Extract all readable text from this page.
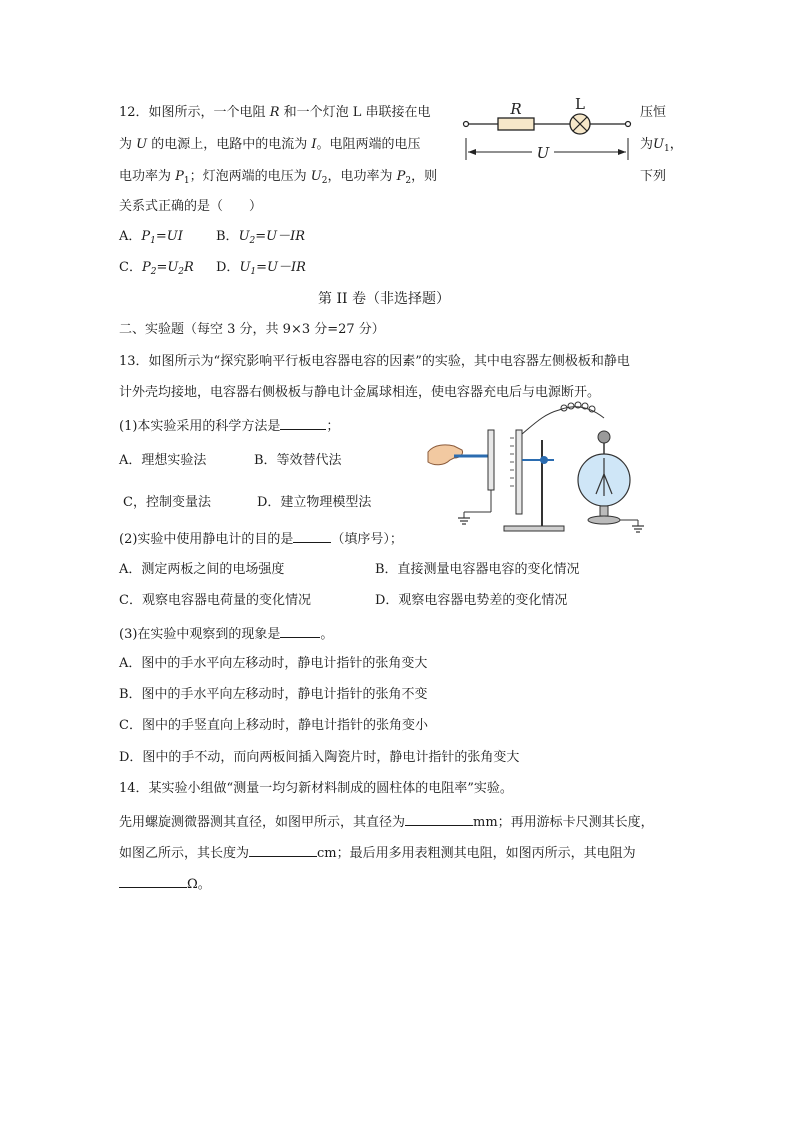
12．如图所示，一个电阻 R 和一个灯泡 L 串联接在电	压恒
为 U 的电源上，电路中的电流为 I。电阻两端的电压	为$U_1$，
电功率为 $P_1$；灯泡两端的电压为 $U_2$，电功率为 $P_2$，则	下列
关系式正确的是（　　）
A．$P_1=UI$	B．$U_2=U-IR$
C．$P_2=U_2R$ D．$U_1=U-IR$
R	L
U
第 II 卷（非选择题）
二、实验题（每空 3 分，共 9×3 分=27 分）
13．如图所示为“探究影响平行板电容器电容的因素”的实验，其中电容器左侧极板和静电
计外壳均接地，电容器右侧极板与静电计金属球相连，使电容器充电后与电源断开。
(1)本实验采用的科学方法是	；
A．理想实验法	B．等效替代法
C，控制变量法	D．建立物理模型法
(2)实验中使用静电计的目的是	（填序号）；
A．测定两板之间的电场强度	B．直接测量电容器电容的变化情况
C．观察电容器电荷量的变化情况	D．观察电容器电势差的变化情况
(3)在实验中观察到的现象是	。
A．图中的手水平向左移动时，静电计指针的张角变大
B．图中的手水平向左移动时，静电计指针的张角不变
C．图中的手竖直向上移动时，静电计指针的张角变小
D．图中的手不动，而向两板间插入陶瓷片时，静电计指针的张角变大
14．某实验小组做“测量一均匀新材料制成的圆柱体的电阻率”实验。
先用螺旋测微器测其直径，如图甲所示，其直径为	mm；再用游标卡尺测其长度，
如图乙所示，其长度为	cm；最后用多用表粗测其电阻，如图丙所示，其电阻为
Ω。
